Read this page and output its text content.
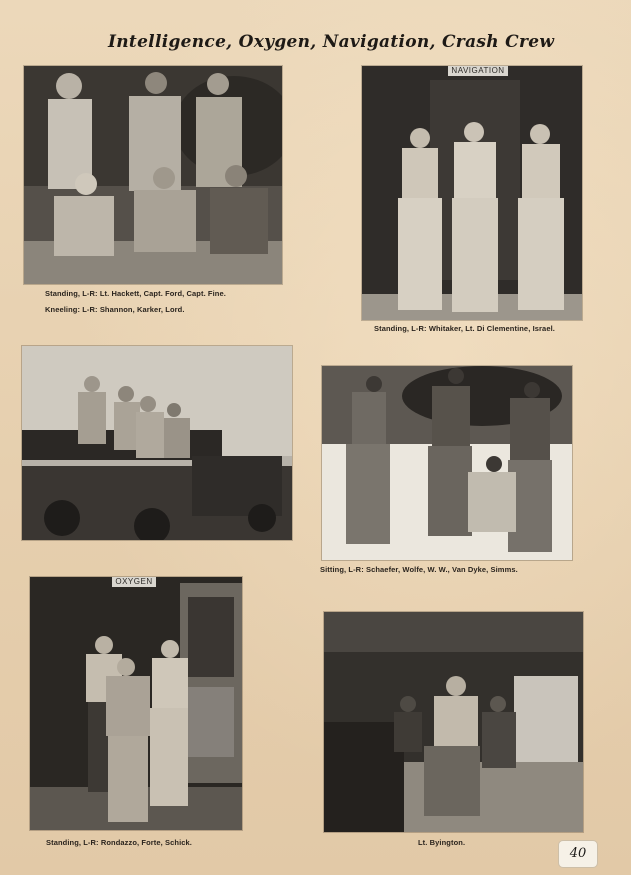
Intelligence, Oxygen, Navigation, Crash Crew
Standing, L-R: Lt. Hackett, Capt. Ford, Capt. Fine.
Kneeling: L-R: Shannon, Karker, Lord.
NAVIGATION
Standing, L-R: Whitaker, Lt. Di Clementine, Israel.
Sitting, L-R: Schaefer, Wolfe, W. W., Van Dyke, Simms.
OXYGEN
Standing, L-R: Rondazzo, Forte, Schick.	Lt. Byington.
40
